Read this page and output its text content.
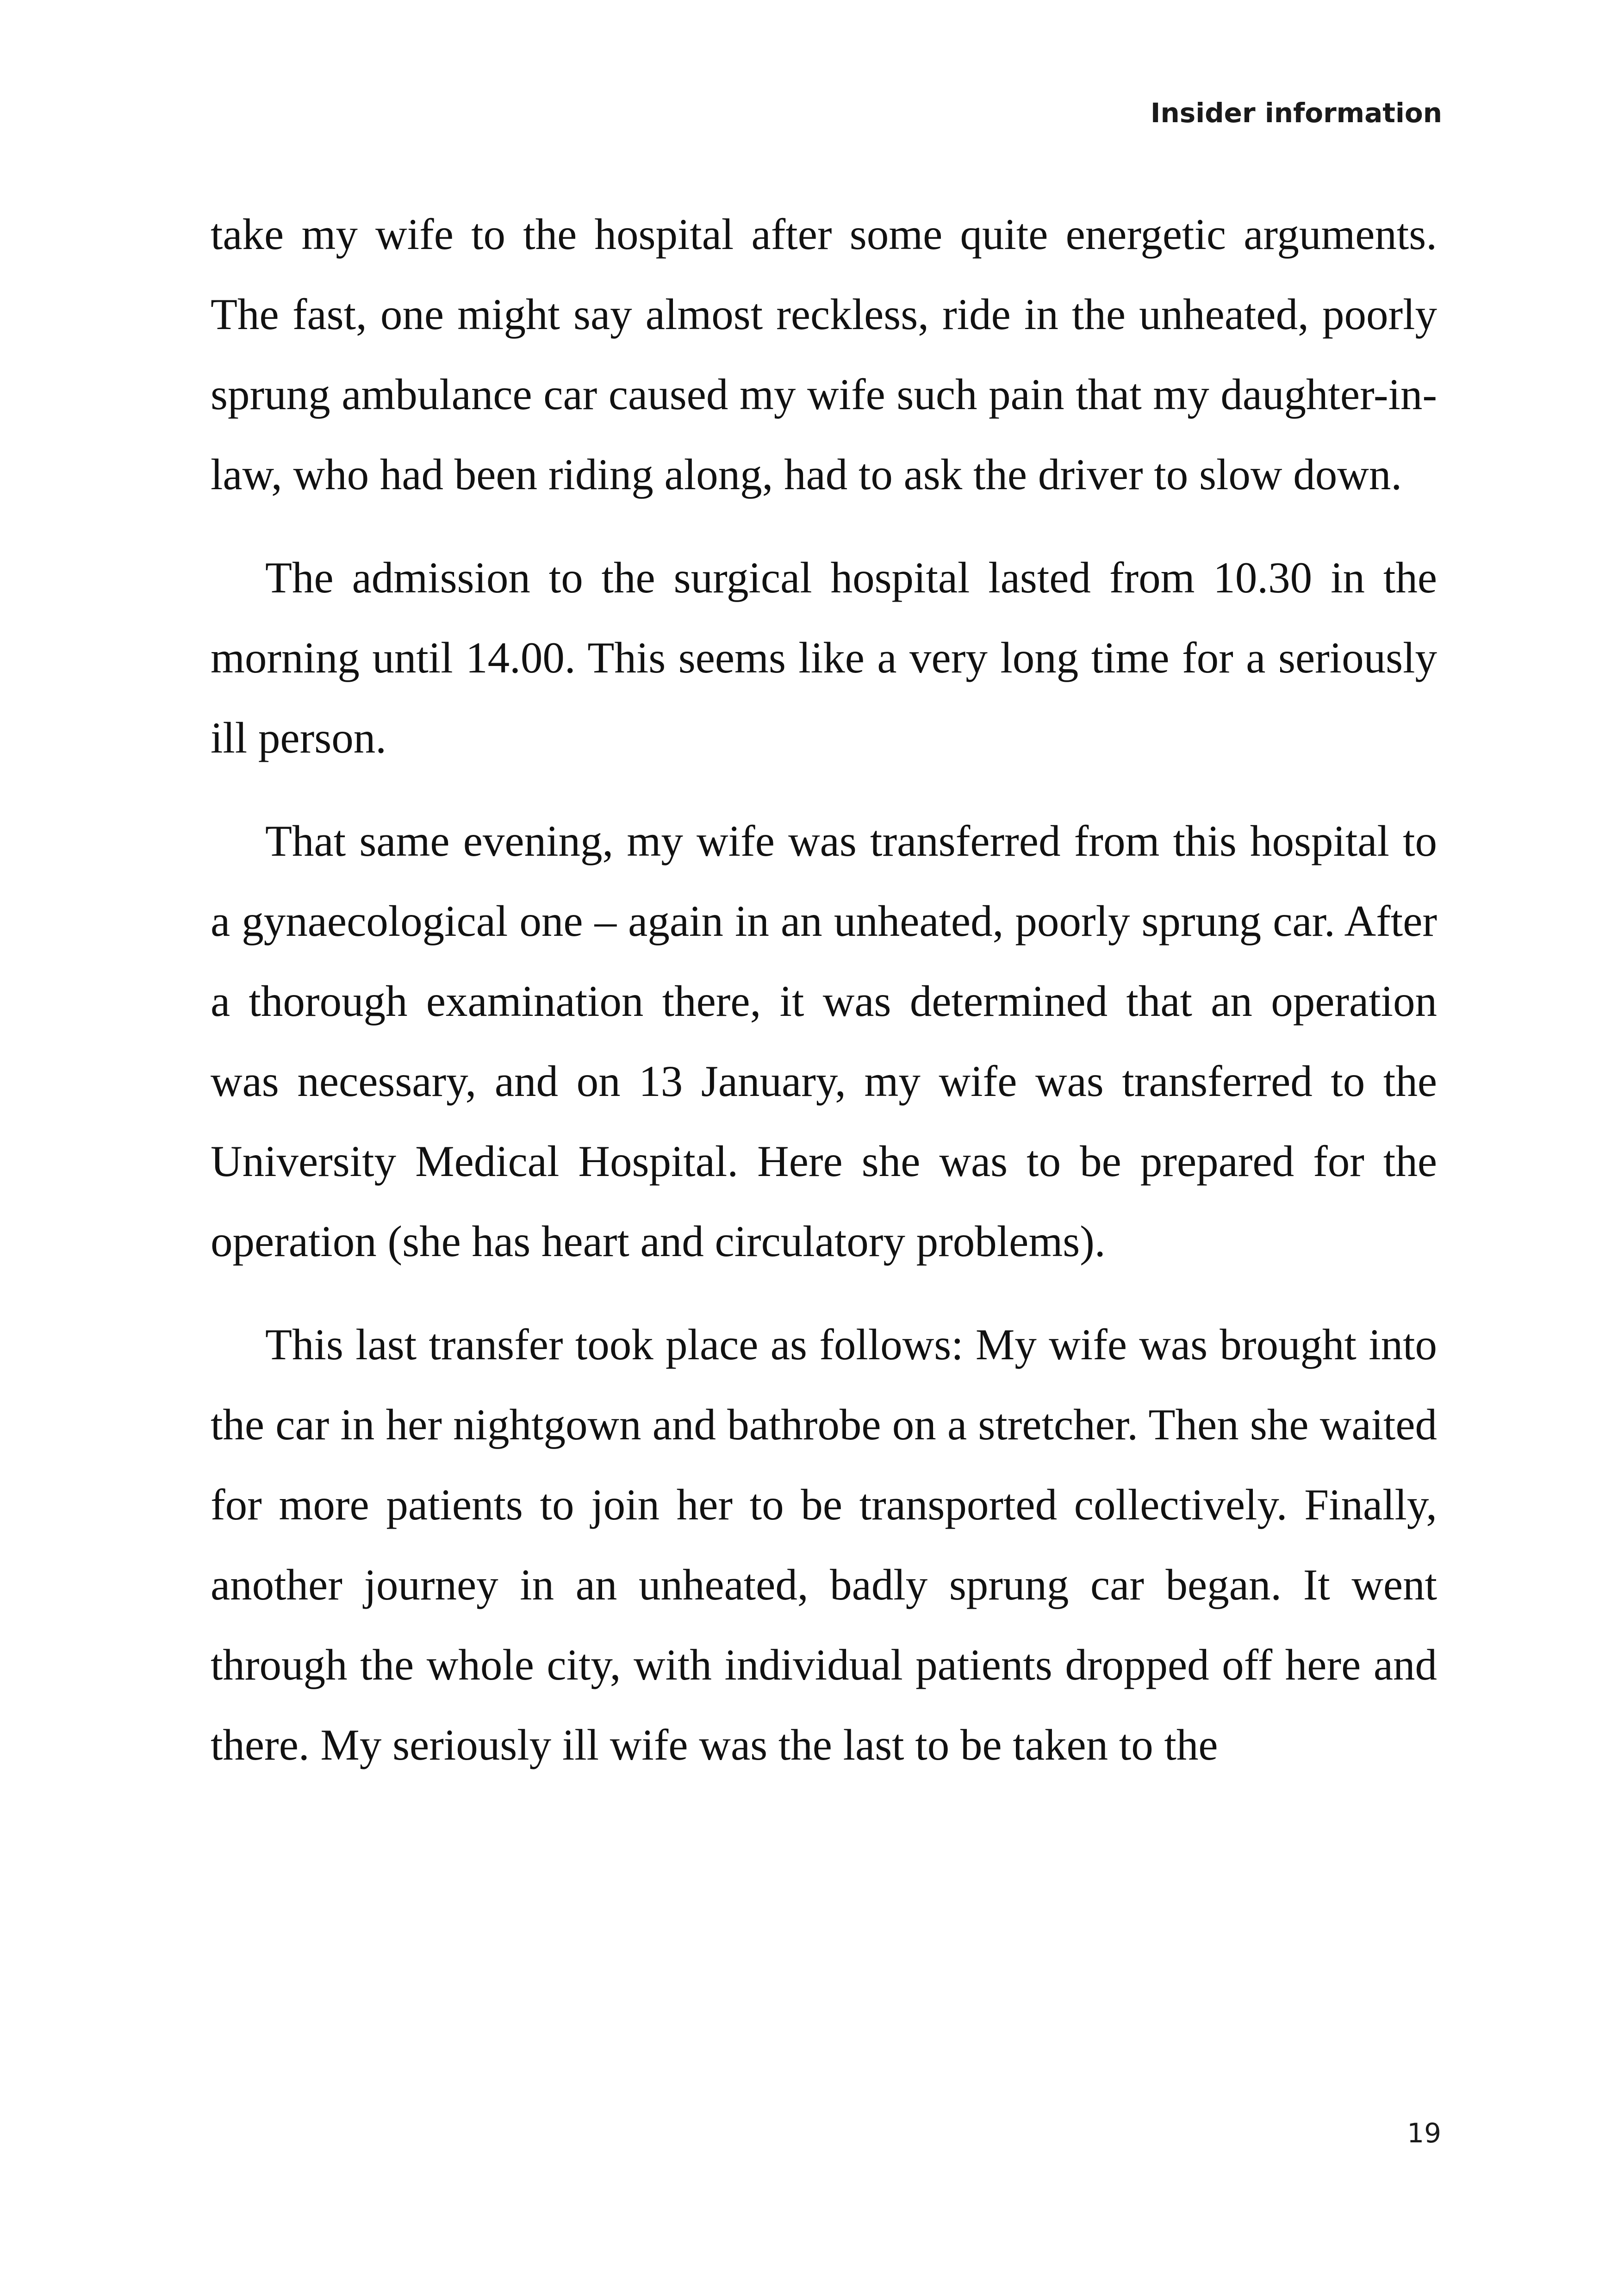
Insider information

take my wife to the hospital after some quite energetic arguments. The fast, one might say almost reckless, ride in the unheated, poorly sprung ambulance car caused my wife such pain that my daughter-in-law, who had been riding along, had to ask the driver to slow down.

The admission to the surgical hospital lasted from 10.30 in the morning until 14.00. This seems like a very long time for a seriously ill person.

That same evening, my wife was transferred from this hospital to a gynaecological one – again in an unheated, poorly sprung car. After a thorough examination there, it was determined that an operation was necessary, and on 13 January, my wife was transferred to the University Medical Hospital. Here she was to be prepared for the operation (she has heart and circulatory problems).

This last transfer took place as follows: My wife was brought into the car in her nightgown and bathrobe on a stretcher. Then she waited for more patients to join her to be transported collectively. Finally, another journey in an unheated, badly sprung car began. It went through the whole city, with individual patients dropped off here and there. My seriously ill wife was the last to be taken to the

19
